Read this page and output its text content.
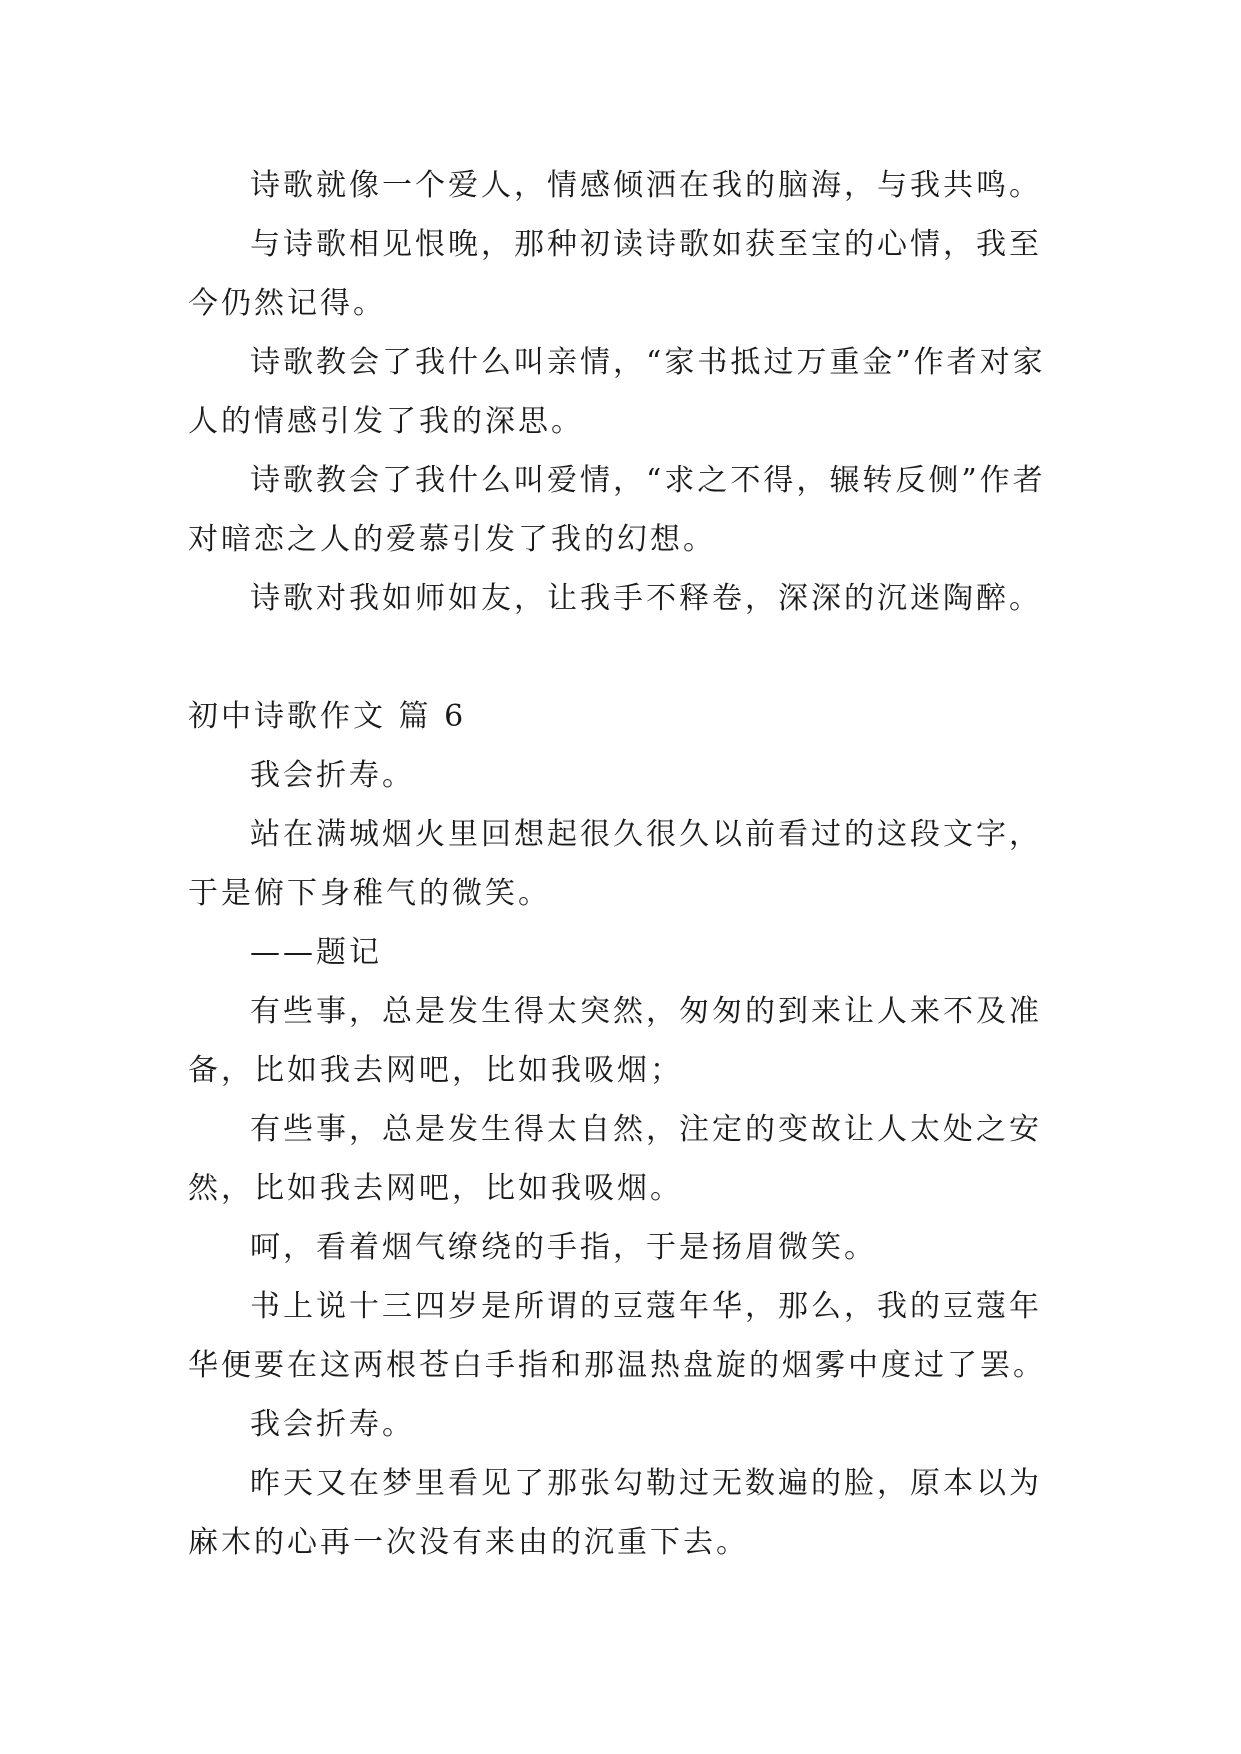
诗歌就像一个爱人，情感倾洒在我的脑海，与我共鸣。

与诗歌相见恨晚，那种初读诗歌如获至宝的心情，我至今仍然记得。

诗歌教会了我什么叫亲情，“家书抵过万重金”作者对家人的情感引发了我的深思。

诗歌教会了我什么叫爱情，“求之不得，辗转反侧”作者对暗恋之人的爱慕引发了我的幻想。

诗歌对我如师如友，让我手不释卷，深深的沉迷陶醉。

初中诗歌作文 篇 6

我会折寿。

站在满城烟火里回想起很久很久以前看过的这段文字，于是俯下身稚气的微笑。

——题记

有些事，总是发生得太突然，匆匆的到来让人来不及准备，比如我去网吧，比如我吸烟；

有些事，总是发生得太自然，注定的变故让人太处之安然，比如我去网吧，比如我吸烟。

呵，看着烟气缭绕的手指，于是扬眉微笑。

书上说十三四岁是所谓的豆蔻年华，那么，我的豆蔻年华便要在这两根苍白手指和那温热盘旋的烟雾中度过了罢。

我会折寿。

昨天又在梦里看见了那张勾勒过无数遍的脸，原本以为麻木的心再一次没有来由的沉重下去。
